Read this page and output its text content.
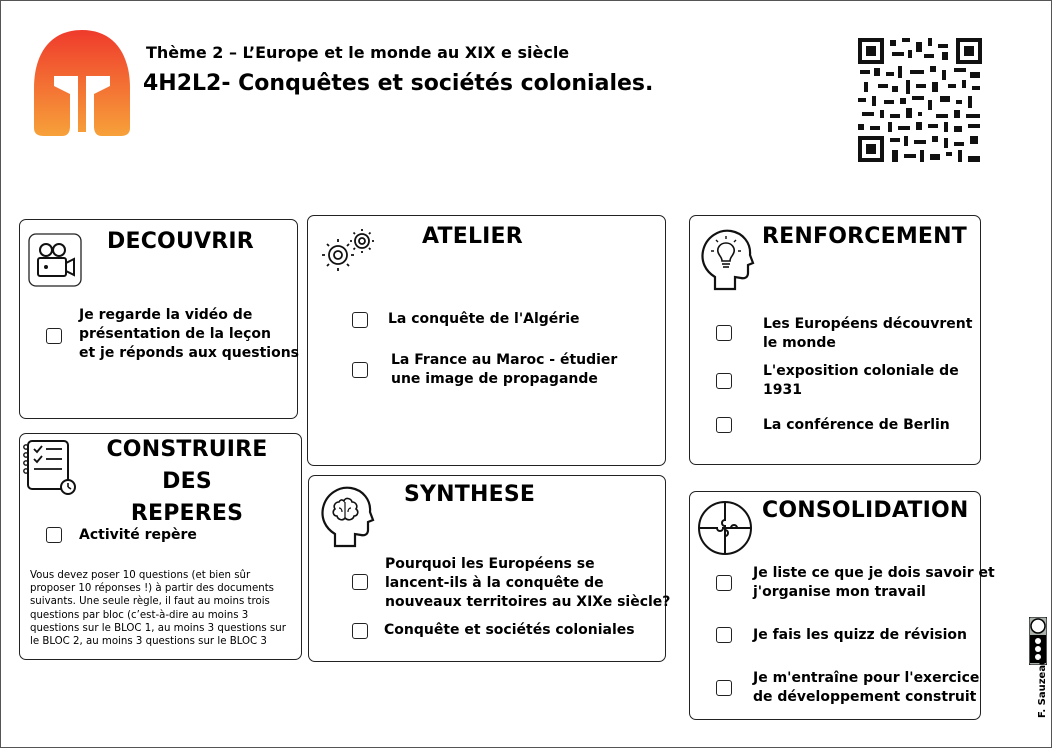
Thème 2 – L’Europe et le monde au XIX e siècle
4H2L2- Conquêtes et sociétés coloniales.
DECOUVRIR
Je regarde la vidéo de
présentation de la leçon
et je réponds aux questions
CONSTRUIRE DES
REPERES
Activité repère
Vous devez poser 10 questions (et bien sûr proposer 10 réponses !) à partir des documents suivants. Une seule règle, il faut au moins trois questions par bloc (c’est-à-dire au moins 3 questions sur le BLOC 1, au moins 3 questions sur le BLOC 2, au moins 3 questions sur le BLOC 3
ATELIER
La conquête de l'Algérie
La France au Maroc - étudier
une image de propagande
SYNTHESE
Pourquoi les Européens se
lancent-ils à la conquête de
nouveaux territoires au XIXe siècle?
Conquête et sociétés coloniales
RENFORCEMENT
Les Européens découvrent
le monde
L'exposition coloniale de
1931
La conférence de Berlin
CONSOLIDATION
Je liste ce que je dois savoir et
j'organise mon travail
Je fais les quizz de révision
Je m'entraîne pour l'exercice
de développement construit	F. Sauzeau
